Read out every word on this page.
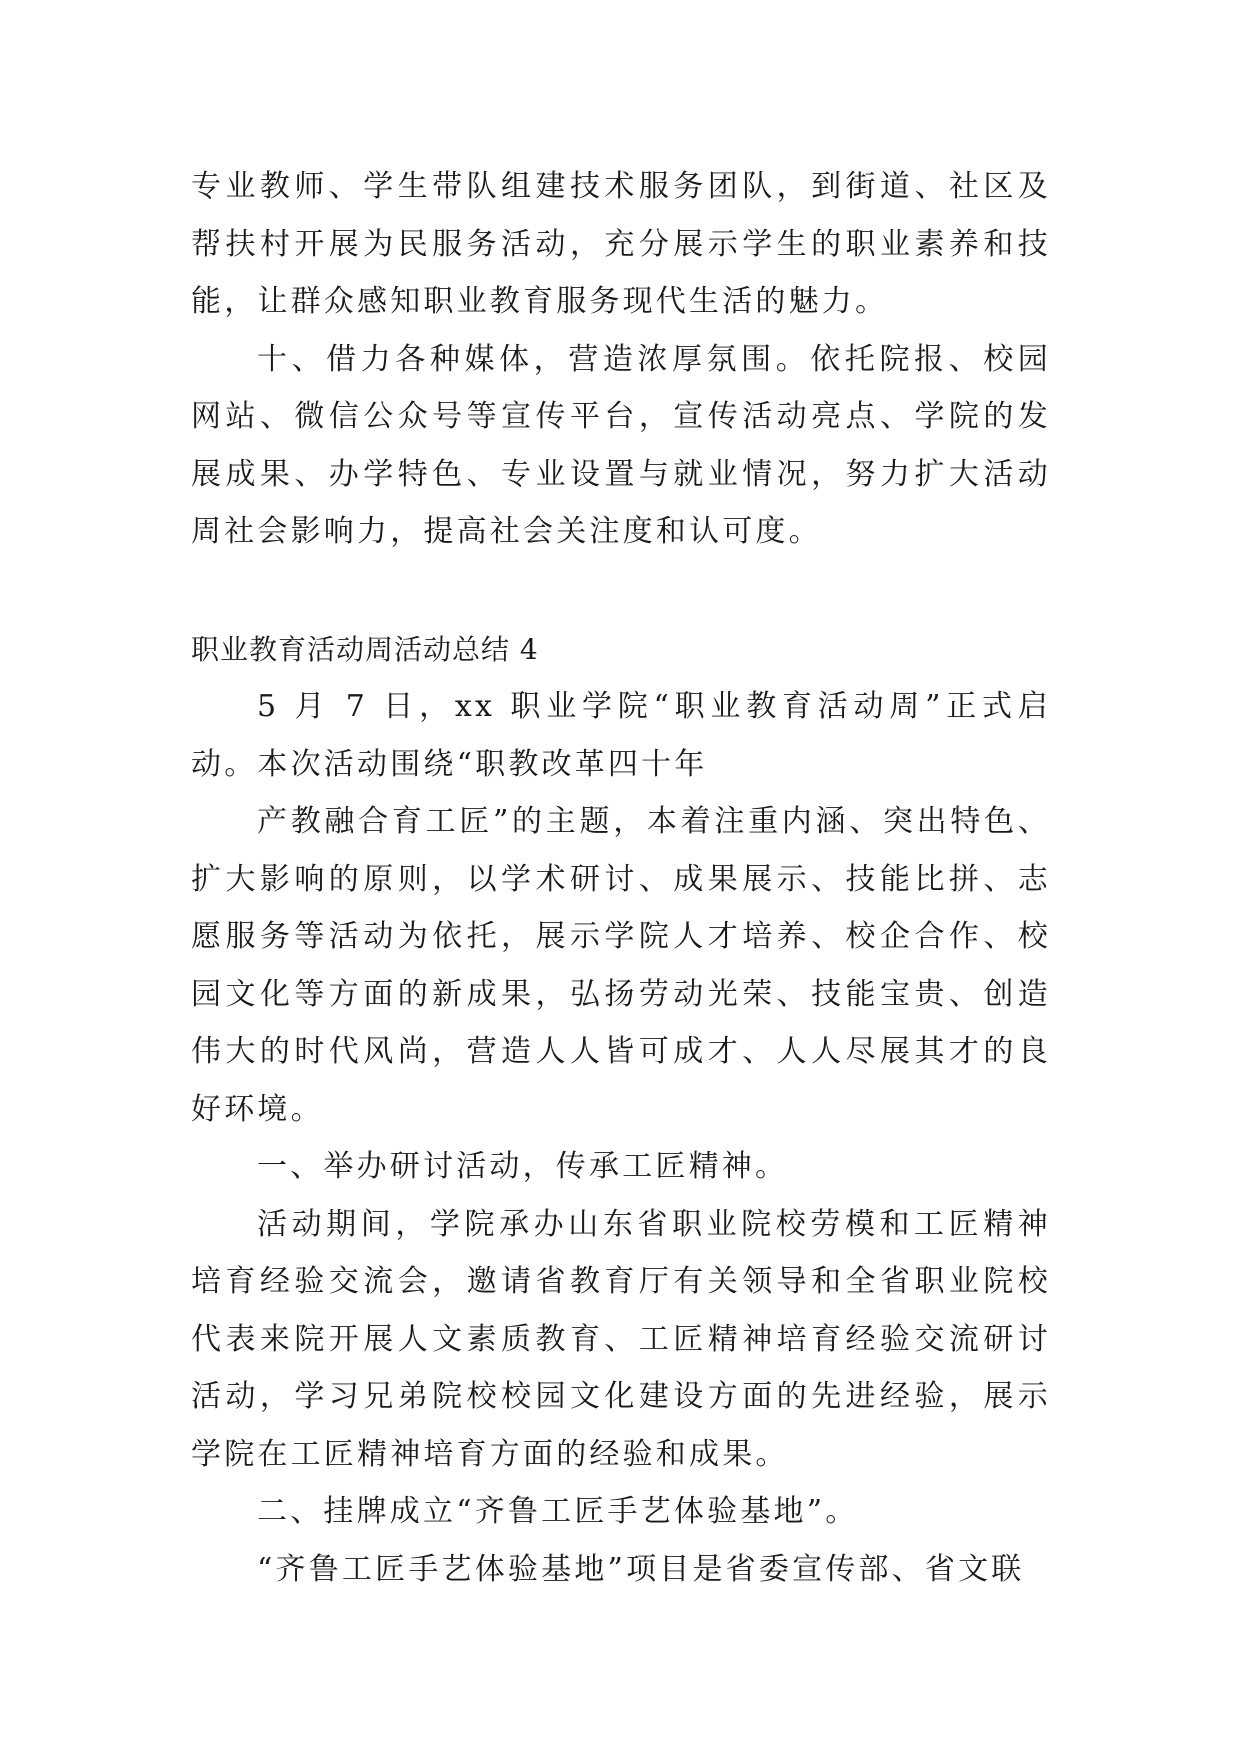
专业教师、学生带队组建技术服务团队，到街道、社区及帮扶村开展为民服务活动，充分展示学生的职业素养和技能，让群众感知职业教育服务现代生活的魅力。

十、借力各种媒体，营造浓厚氛围。依托院报、校园网站、微信公众号等宣传平台，宣传活动亮点、学院的发展成果、办学特色、专业设置与就业情况，努力扩大活动周社会影响力，提高社会关注度和认可度。

职业教育活动周活动总结 4

5 月 7 日，xx 职业学院“职业教育活动周”正式启动。本次活动围绕“职教改革四十年

产教融合育工匠”的主题，本着注重内涵、突出特色、扩大影响的原则，以学术研讨、成果展示、技能比拼、志愿服务等活动为依托，展示学院人才培养、校企合作、校园文化等方面的新成果，弘扬劳动光荣、技能宝贵、创造伟大的时代风尚，营造人人皆可成才、人人尽展其才的良好环境。

一、举办研讨活动，传承工匠精神。

活动期间，学院承办山东省职业院校劳模和工匠精神培育经验交流会，邀请省教育厅有关领导和全省职业院校代表来院开展人文素质教育、工匠精神培育经验交流研讨活动，学习兄弟院校校园文化建设方面的先进经验，展示学院在工匠精神培育方面的经验和成果。

二、挂牌成立“齐鲁工匠手艺体验基地”。

“齐鲁工匠手艺体验基地”项目是省委宣传部、省文联
